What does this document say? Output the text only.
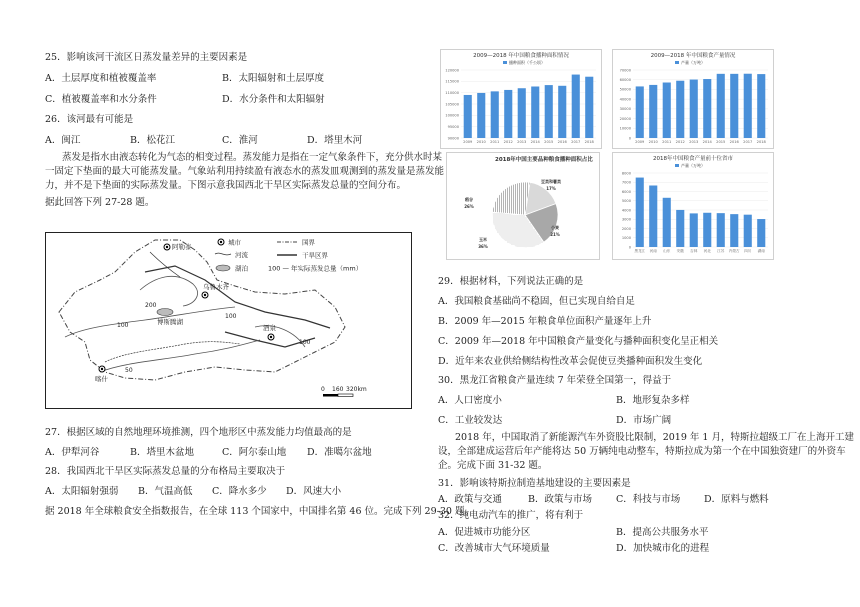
25．影响该河干流区日蒸发量差异的主要因素是
A．土层厚度和植被覆盖率	B．太阳辐射和土层厚度
C．植被覆盖率和水分条件	D．水分条件和太阳辐射
26．该河最有可能是
A．闽江	B．松花江	C．淮河	D．塔里木河
蒸发是指水由液态转化为气态的相变过程。蒸发能力是指在一定气象条件下，充分供水时某
一固定下垫面的最大可能蒸发量。气象站利用持续盈有液态水的蒸发皿观测到的蒸发量是蒸发能
力，并不是下垫面的实际蒸发量。下图示意我国西北干旱区实际蒸发总量的空间分布。
据此回答下列 27-28 题。
城市	国界
河流	干旱区界
湖泊	100 — 年实际蒸发总量（mm）
阿勒泰
乌鲁木齐
博斯腾湖
酒泉
喀什
100
200
100
50
100
0 160 320km
27．根据区域的自然地理环境推测，四个地形区中蒸发能力均值最高的是
A．伊犁河谷	B．塔里木盆地	C．阿尔泰山地 D．准噶尔盆地
28．我国西北干旱区实际蒸发总量的分布格局主要取决于
A．太阳辐射强弱 B．气温高低 C．降水多少 D．风速大小
据 2018 年全球粮食安全指数报告，在全球 113 个国家中，中国排名第 46 位。完成下列 29-30 题。
2009—2018 年中国粮食播种面积情况
播种面积（千公顷）
120000
115000
110000
105000
100000
95000
90000
2009 2010 2011 2012 2013 2014 2015 2016 2017 2018
2009—2018 年中国粮食产量情况
产量（万吨）
70000
60000
50000
40000
30000
20000
10000
0
2009 2010 2011 2012 2013 2014 2015 2016 2017 2018
2018年中国主要品种粮食播种面积占比
豆类和薯类
17%
小麦
21%
玉米
36%
稻谷
26%
2018年中国粮食产量前十位省市
产量（万吨）
8000
7000
6000
5000
4000
3000
2000
1000
0
黑龙江 河南 山东 安徽 吉林 河北 江苏 内蒙古 四川 湖南
29．根据材料，下列说法正确的是
A．我国粮食基础尚不稳固，但已实现自给自足
B．2009 年—2015 年粮食单位面积产量逐年上升
C．2009 年—2018 年中国粮食产量变化与播种面积变化呈正相关
D．近年来农业供给侧结构性改革会促使豆类播种面积发生变化
30．黑龙江省粮食产量连续 7 年荣登全国第一，得益于
A．人口密度小	B．地形复杂多样
C．工业较发达	D．市场广阔
2018 年，中国取消了新能源汽车外资股比限制，2019 年 1 月，特斯拉超级工厂在上海开工建
设，全部建成运营后年产能将达 50 万辆纯电动整车，特斯拉成为第一个在中国独资建厂的外资车
企。完成下面 31-32 题。
31．影响该特斯拉制造基地建设的主要因素是
A．政策与交通	B．政策与市场	C．科技与市场 D．原料与燃料
32．纯电动汽车的推广，将有利于
A．促进城市功能分区	B．提高公共服务水平
C．改善城市大气环境质量	D．加快城市化的进程
